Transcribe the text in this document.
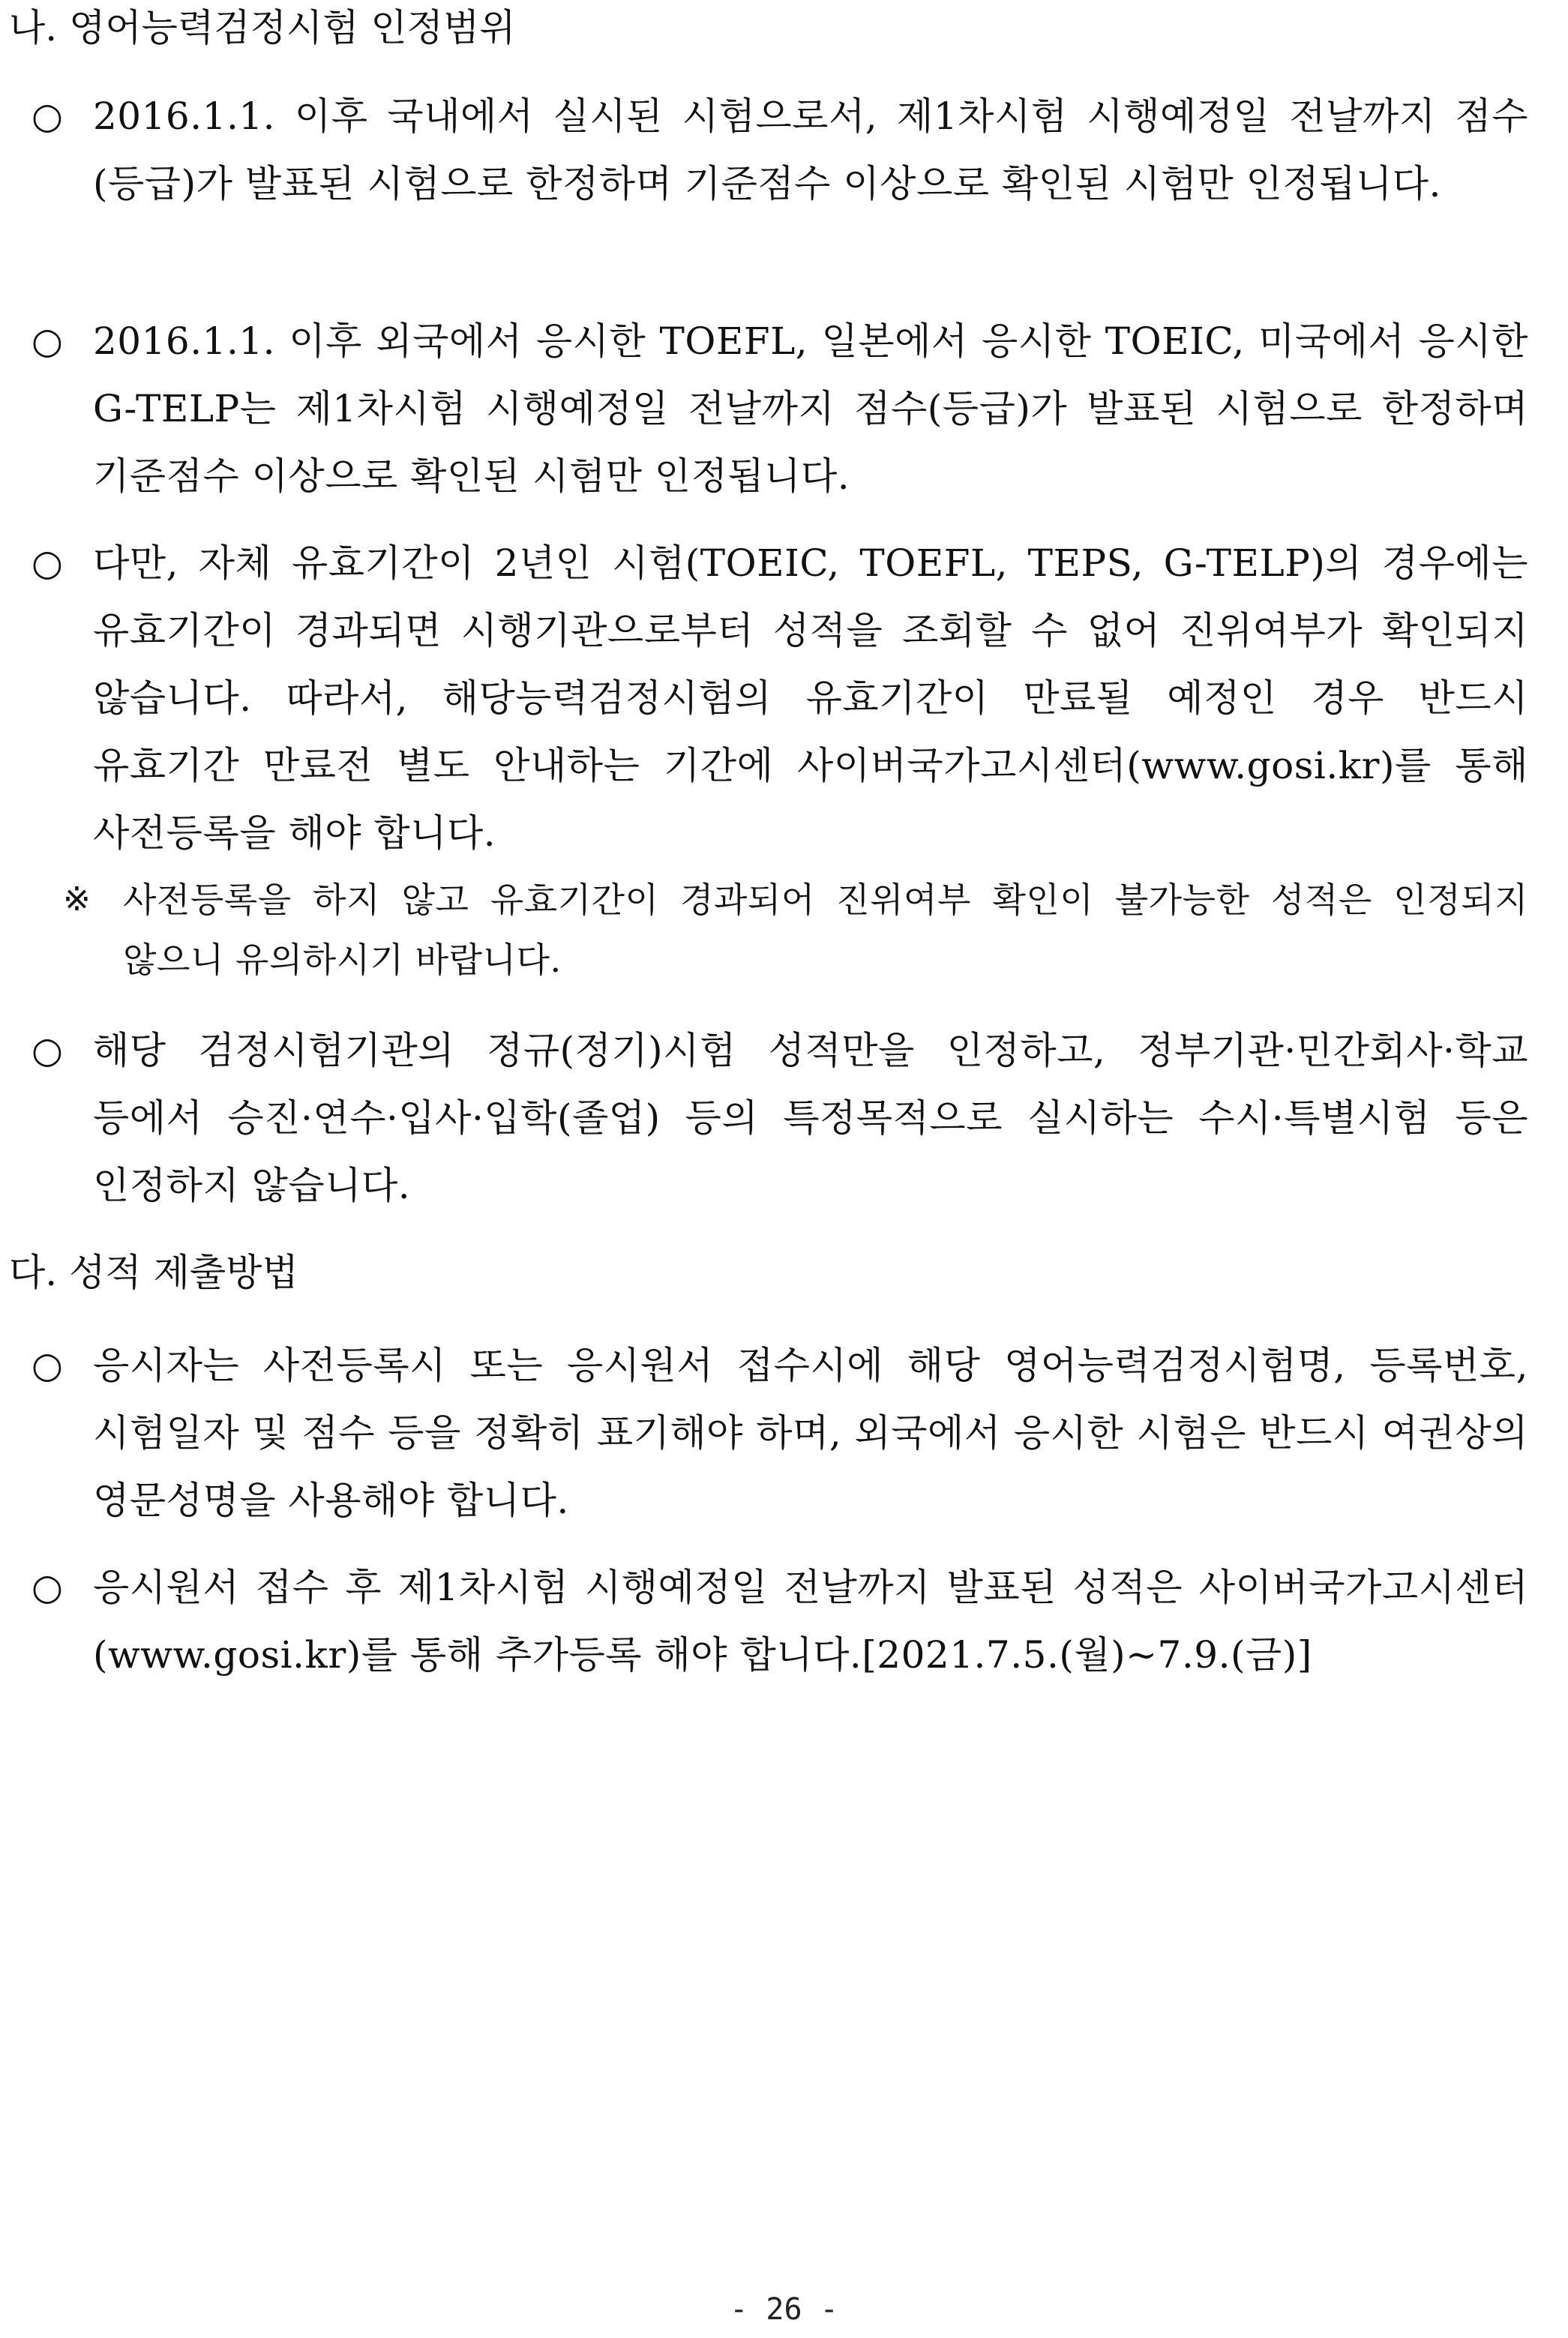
나. 영어능력검정시험 인정범위
○ 2016.1.1. 이후 국내에서 실시된 시험으로서, 제1차시험 시행예정일 전날까지 점수(등급)가 발표된 시험으로 한정하며 기준점수 이상으로 확인된 시험만 인정됩니다.
○ 2016.1.1. 이후 외국에서 응시한 TOEFL, 일본에서 응시한 TOEIC, 미국에서 응시한 G-TELP는 제1차시험 시행예정일 전날까지 점수(등급)가 발표된 시험으로 한정하며 기준점수 이상으로 확인된 시험만 인정됩니다.
○ 다만, 자체 유효기간이 2년인 시험(TOEIC, TOEFL, TEPS, G-TELP)의 경우에는 유효기간이 경과되면 시행기관으로부터 성적을 조회할 수 없어 진위여부가 확인되지 않습니다. 따라서, 해당능력검정시험의 유효기간이 만료될 예정인 경우 반드시 유효기간 만료전 별도 안내하는 기간에 사이버국가고시센터(www.gosi.kr)를 통해 사전등록을 해야 합니다.
※ 사전등록을 하지 않고 유효기간이 경과되어 진위여부 확인이 불가능한 성적은 인정되지 않으니 유의하시기 바랍니다.
○ 해당 검정시험기관의 정규(정기)시험 성적만을 인정하고, 정부기관·민간회사·학교 등에서 승진·연수·입사·입학(졸업) 등의 특정목적으로 실시하는 수시·특별시험 등은 인정하지 않습니다.
다. 성적 제출방법
○ 응시자는 사전등록시 또는 응시원서 접수시에 해당 영어능력검정시험명, 등록번호, 시험일자 및 점수 등을 정확히 표기해야 하며, 외국에서 응시한 시험은 반드시 여권상의 영문성명을 사용해야 합니다.
○ 응시원서 접수 후 제1차시험 시행예정일 전날까지 발표된 성적은 사이버국가고시센터(www.gosi.kr)를 통해 추가등록 해야 합니다.[2021.7.5.(월)~7.9.(금)]
- 26 -
